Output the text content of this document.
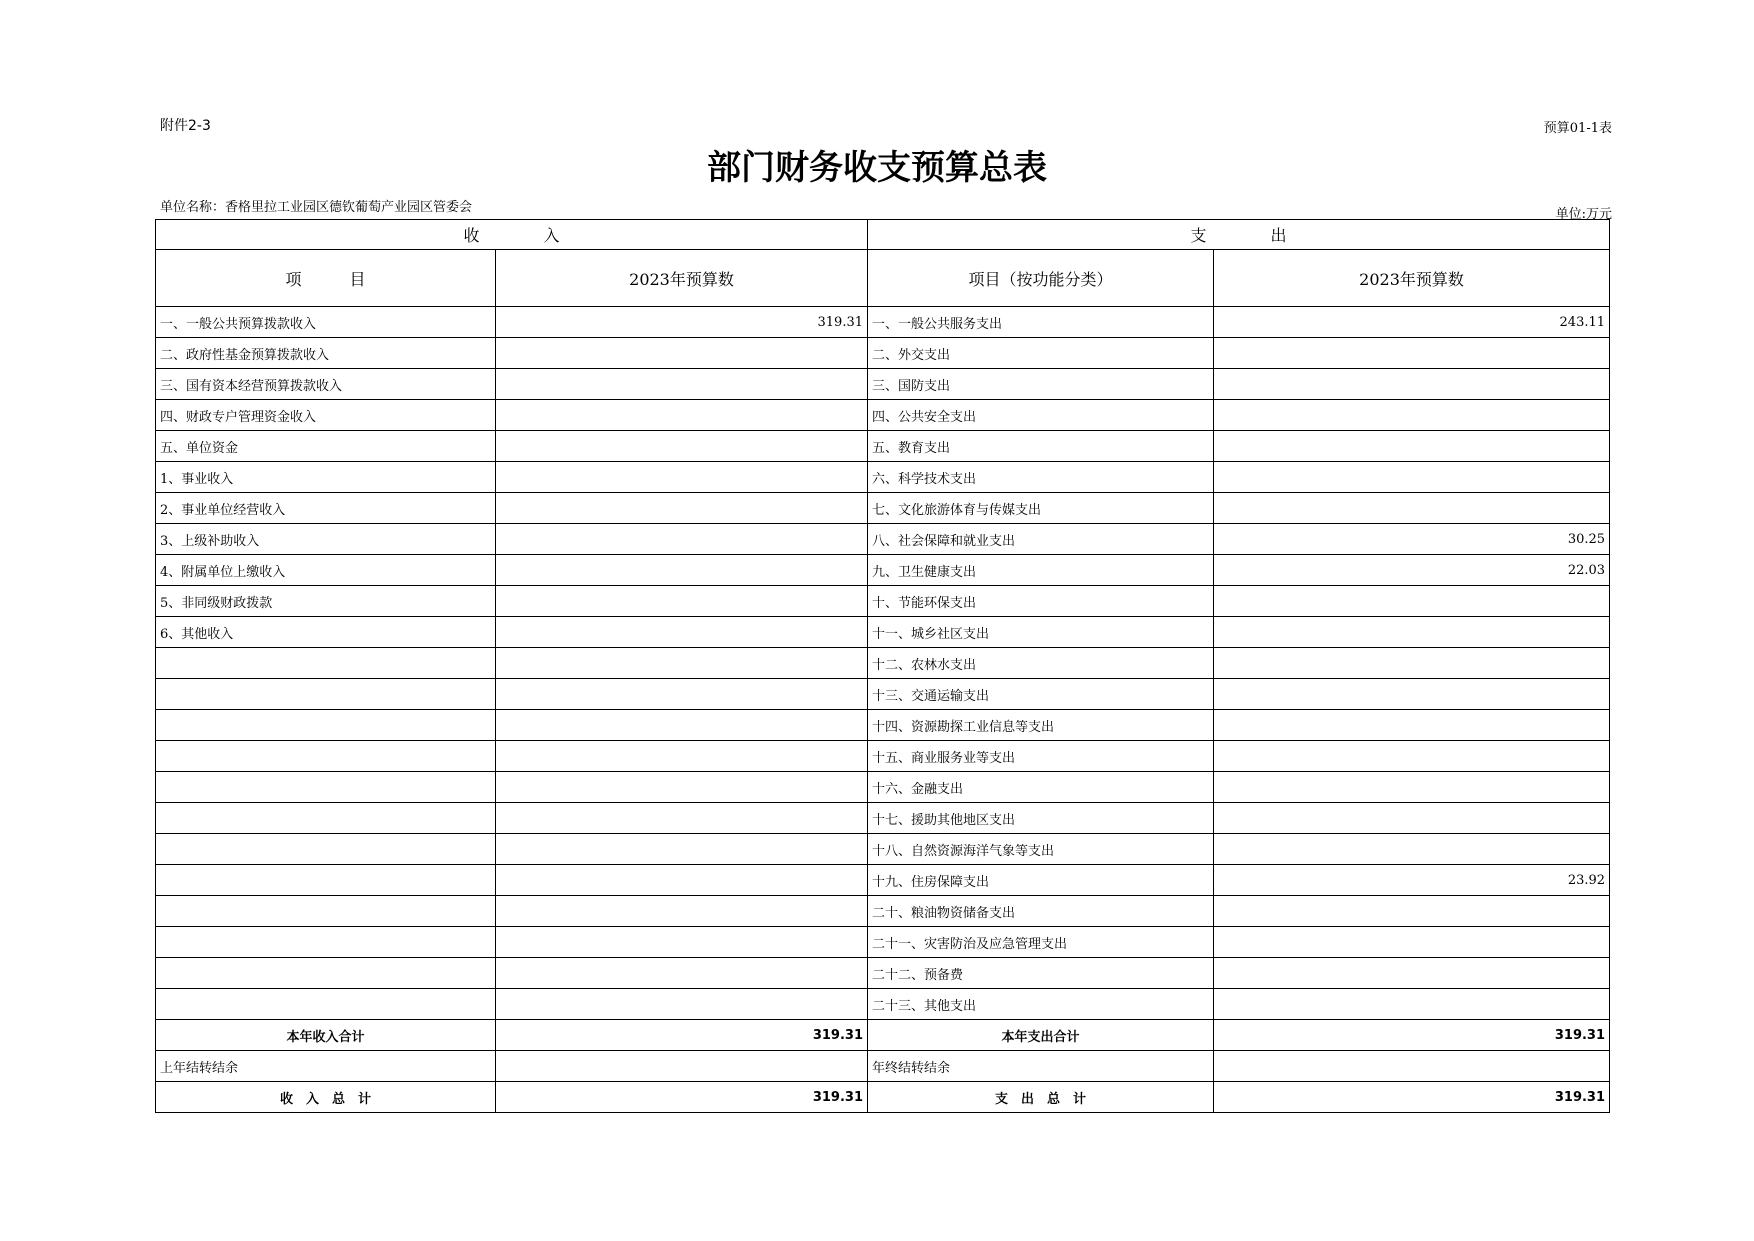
附件2-3	预算01-1表
部门财务收支预算总表
单位名称：香格里拉工业园区德钦葡萄产业园区管委会	单位:万元
收　　　　入		支　　　　出	
项　　　目	2023年预算数	项目（按功能分类）	2023年预算数
一、一般公共预算拨款收入	319.31	一、一般公共服务支出	243.11
二、政府性基金预算拨款收入		二、外交支出	
三、国有资本经营预算拨款收入		三、国防支出	
四、财政专户管理资金收入		四、公共安全支出	
五、单位资金		五、教育支出	
1、事业收入		六、科学技术支出	
2、事业单位经营收入		七、文化旅游体育与传媒支出	
3、上级补助收入		八、社会保障和就业支出	30.25
4、附属单位上缴收入		九、卫生健康支出	22.03
5、非同级财政拨款		十、节能环保支出	
6、其他收入		十一、城乡社区支出	
		十二、农林水支出	
		十三、交通运输支出	
		十四、资源勘探工业信息等支出	
		十五、商业服务业等支出	
		十六、金融支出	
		十七、援助其他地区支出	
		十八、自然资源海洋气象等支出	
		十九、住房保障支出	23.92
		二十、粮油物资储备支出	
		二十一、灾害防治及应急管理支出	
		二十二、预备费	
		二十三、其他支出	
本年收入合计	319.31	本年支出合计	319.31
上年结转结余		年终结转结余	
收　入　总　计	319.31	支　出　总　计	319.31
